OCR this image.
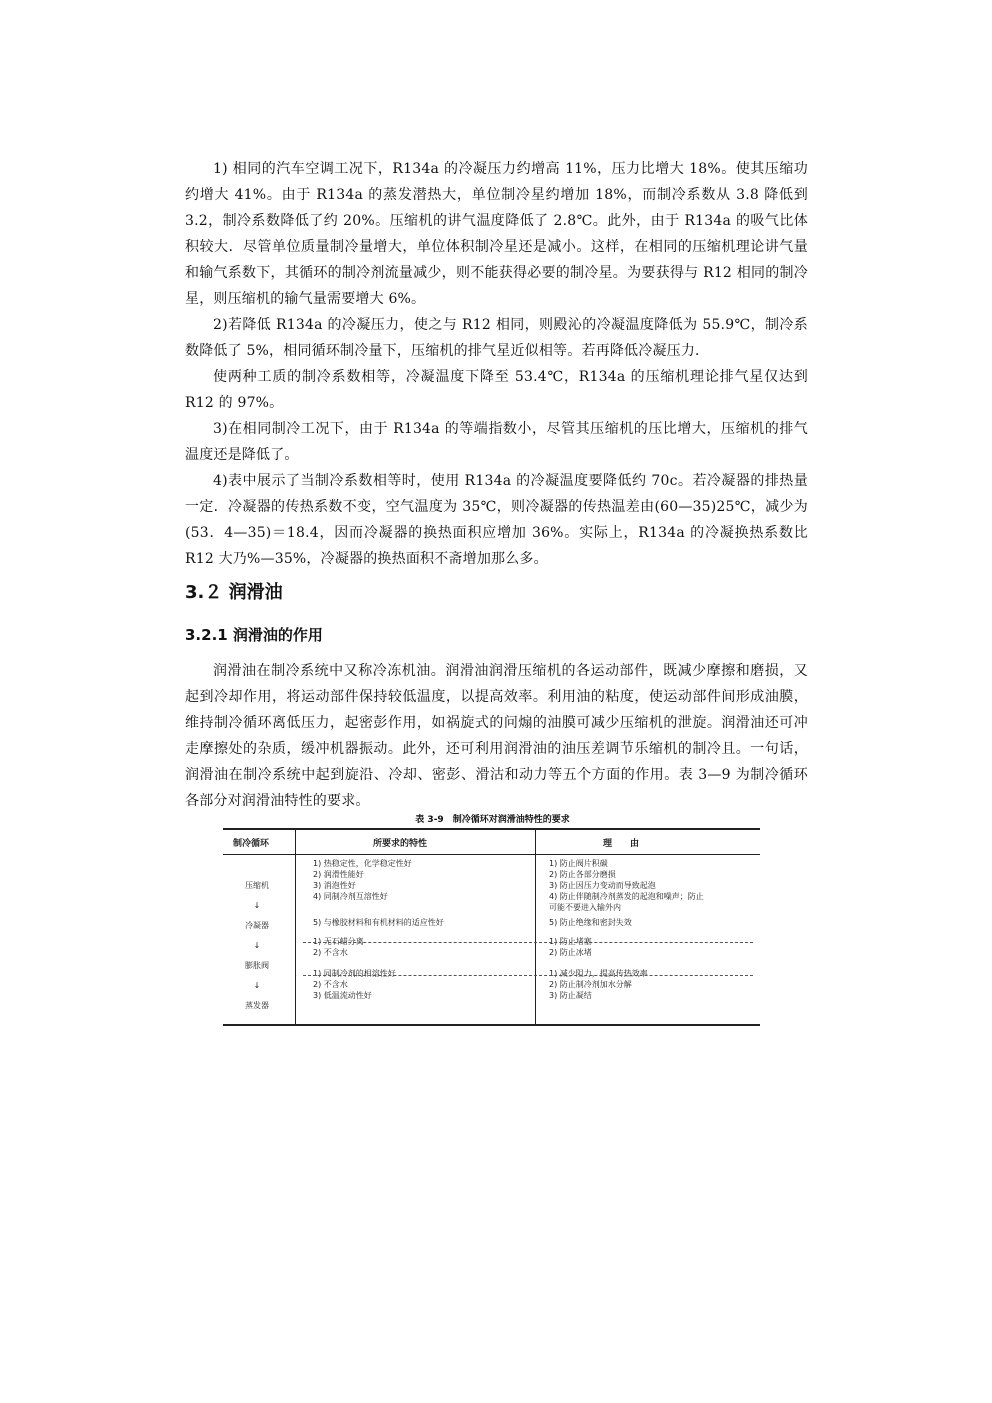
1) 相同的汽车空调工况下，R134a 的冷凝压力约增高 11%，压力比增大 18%。使其压缩功约增大 41%。由于 R134a 的蒸发潜热大，单位制冷星约增加 18%，而制冷系数从 3.8 降低到 3.2，制冷系数降低了约 20%。压缩机的讲气温度降低了 2.8℃。此外，由于 R134a 的吸气比体积较大．尽管单位质量制冷量增大，单位体积制冷星还是减小。这样，在相同的压缩机理论讲气量和输气系数下，其循环的制冷剂流量减少，则不能获得必要的制冷星。为要获得与 R12 相同的制冷星，则压缩机的输气量需要增大 6%。

2)若降低 R134a 的冷凝压力，使之与 R12 相同，则殿沁的冷凝温度降低为 55.9℃，制冷系数降低了 5%，相同循环制冷量下，压缩机的排气星近似相等。若再降低冷凝压力．

使两种工质的制冷系数相等，冷凝温度下降至 53.4℃，R134a 的压缩机理论排气星仅达到 R12 的 97%。

3)在相同制冷工况下，由于 R134a 的等端指数小，尽管其压缩机的压比增大，压缩机的排气温度还是降低了。

4)表中展示了当制冷系数相等时，使用 R134a 的冷凝温度要降低约 70c。若冷凝器的排热量一定．冷凝器的传热系数不变，空气温度为 35℃，则冷凝器的传热温差由(60—35)25℃，减少为(53．4—35)＝18.4，因而冷凝器的换热面积应增加 36%。实际上，R134a 的冷凝换热系数比 R12 大乃%—35%，冷凝器的换热面积不斋增加那么多。

3.２ 润滑油
3.2.1 润滑油的作用

润滑油在制冷系统中又称冷冻机油。润滑油润滑压缩机的各运动部件，既减少摩擦和磨损，又起到冷却作用，将运动部件保持较低温度，以提高效率。利用油的粘度，使运动部件间形成油膜，维持制冷循环离低压力，起密彭作用，如祸旋式的问煽的油膜可减少压缩机的泄旋。润滑油还可冲走摩擦处的杂质，缓冲机器振动。此外，还可利用润滑油的油压差调节乐缩机的制冷且。一句话，润滑油在制冷系统中起到旋沿、冷却、密彭、滑沽和动力等五个方面的作用。表 3—9 为制冷循环各部分对润滑油特性的要求。

表 3-9　制冷循环对润滑油特性的要求

制冷循环	所要求的特性	理　　由
压缩机
↓
冷凝器
↓
膨胀阀
↓
蒸发器
1) 热稳定性，化学稳定性好
2) 润滑性能好
3) 消泡性好
4) 同制冷剂互溶性好

5) 与橡胶材料和有机材料的适应性好
1) 无石蜡分离
2) 不含水
1) 同制冷剂的相溶性好
2) 不含水
3) 低温流动性好
1) 防止阀片积碳
2) 防止各部分磨损
3) 防止因压力变动而导致起泡
4) 防止伴随制冷剂蒸发的起泡和噪声；防止
可能不要进入输外内
5) 防止绝缘和密封失效
1) 防止堵塞
2) 防止冰堵
1) 减少阻力，提高传热效率
2) 防止制冷剂加水分解
3) 防止凝结
